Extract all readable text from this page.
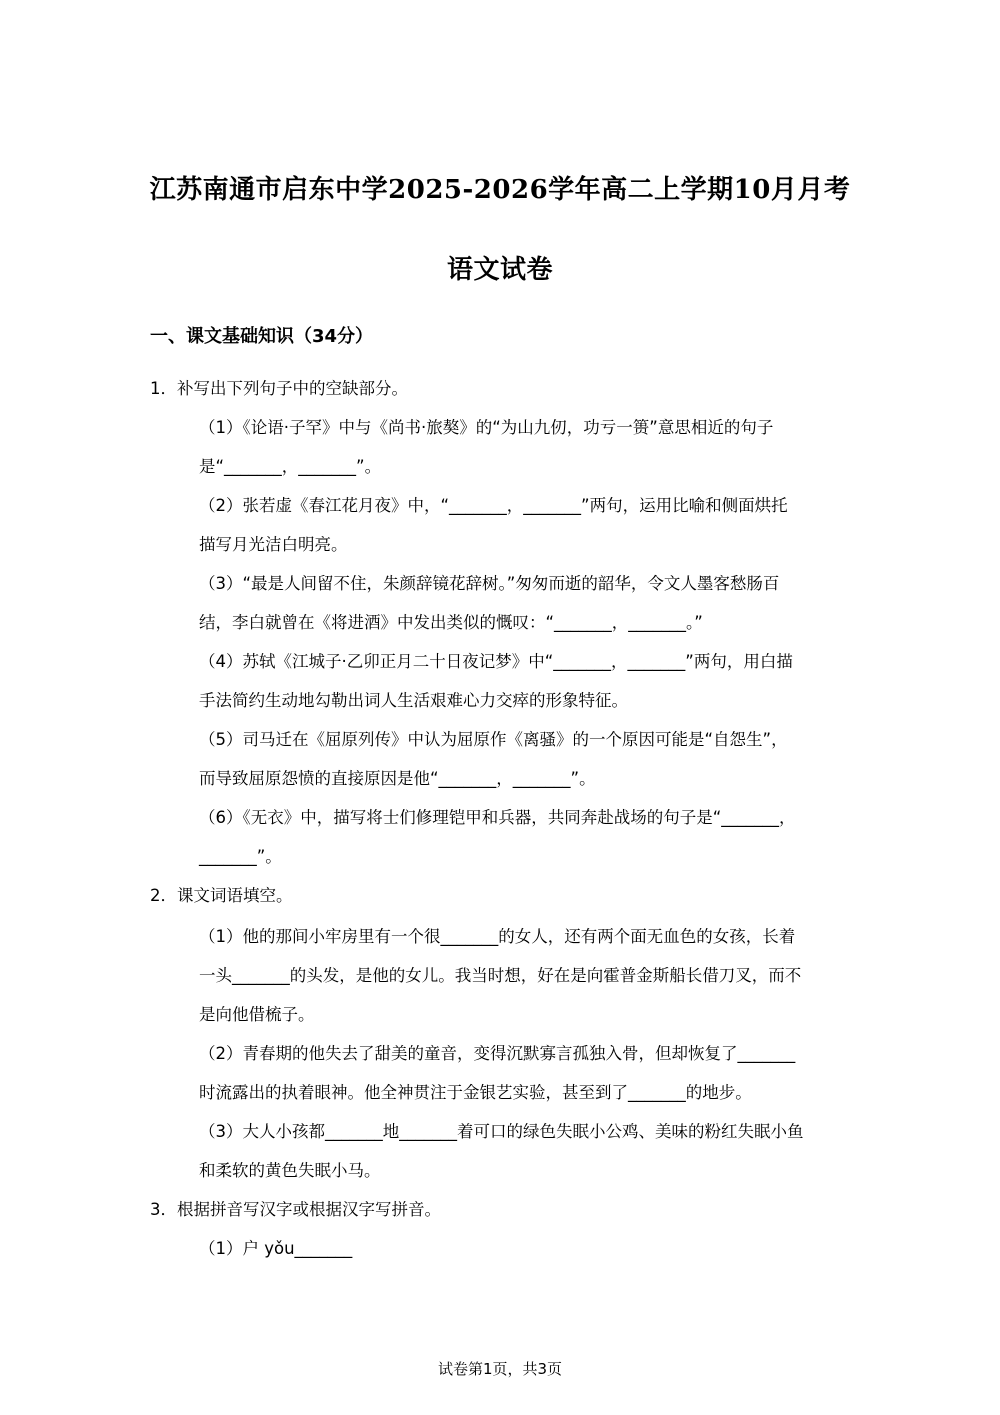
江苏南通市启东中学2025-2026学年高二上学期10月月考
语文试卷
一、课文基础知识（34分）
1．补写出下列句子中的空缺部分。
（1）《论语·子罕》中与《尚书·旅獒》的“为山九仞，功亏一篑”意思相近的句子
是“_______，_______”。
（2）张若虚《春江花月夜》中，“_______，_______”两句，运用比喻和侧面烘托
描写月光洁白明亮。
（3）“最是人间留不住，朱颜辞镜花辞树。”匆匆而逝的韶华，令文人墨客愁肠百
结，李白就曾在《将进酒》中发出类似的慨叹：“_______，_______。”
（4）苏轼《江城子·乙卯正月二十日夜记梦》中“_______，_______”两句，用白描
手法简约生动地勾勒出词人生活艰难心力交瘁的形象特征。
（5）司马迁在《屈原列传》中认为屈原作《离骚》的一个原因可能是“自怨生”，
而导致屈原怨愤的直接原因是他“_______，_______”。
（6）《无衣》中，描写将士们修理铠甲和兵器，共同奔赴战场的句子是“_______，
_______”。
2．课文词语填空。
（1）他的那间小牢房里有一个很_______的女人，还有两个面无血色的女孩，长着
一头_______的头发，是他的女儿。我当时想，好在是向霍普金斯船长借刀叉，而不
是向他借梳子。
（2）青春期的他失去了甜美的童音，变得沉默寡言孤独入骨，但却恢复了_______
时流露出的执着眼神。他全神贯注于金银艺实验，甚至到了_______的地步。
（3）大人小孩都_______地_______着可口的绿色失眠小公鸡、美味的粉红失眠小鱼
和柔软的黄色失眠小马。
3．根据拼音写汉字或根据汉字写拼音。
（1）户 yǒu_______
试卷第1页，共3页
